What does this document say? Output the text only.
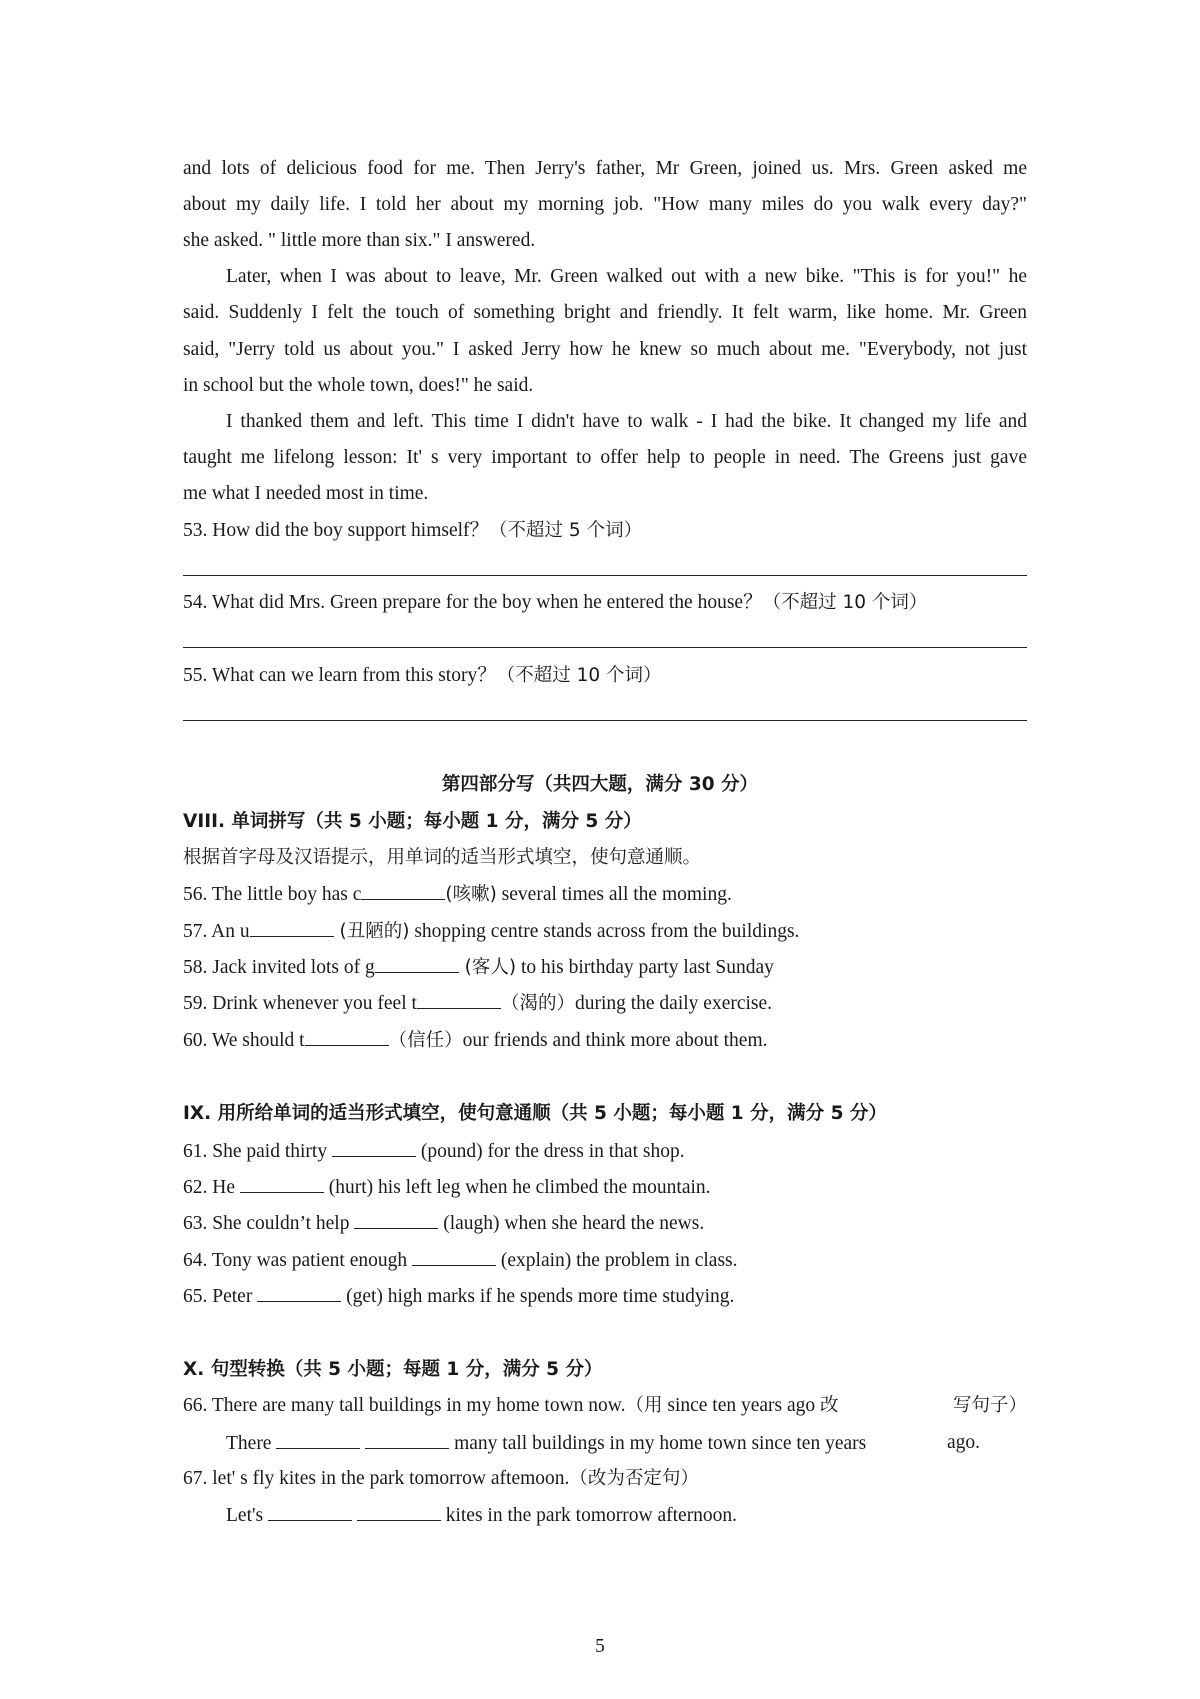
and lots of delicious food for me. Then Jerry's father, Mr Green, joined us. Mrs. Green asked me
about my daily life. I told her about my morning job. "How many miles do you walk every day?"
she asked. " little more than six." I answered.
Later, when I was about to leave, Mr. Green walked out with a new bike. "This is for you!" he
said. Suddenly I felt the touch of something bright and friendly. It felt warm, like home. Mr. Green
said, "Jerry told us about you." I asked Jerry how he knew so much about me. "Everybody, not just
in school but the whole town, does!" he said.
I thanked them and left. This time I didn't have to walk - I had the bike. It changed my life and
taught me lifelong lesson: It' s very important to offer help to people in need. The Greens just gave
me what I needed most in time.
53. How did the boy support himself？（不超过 5 个词）
54. What did Mrs. Green prepare for the boy when he entered the house？（不超过 10 个词）
55. What can we learn from this story？（不超过 10 个词）
第四部分写（共四大题，满分 30 分）
VIII. 单词拼写（共 5 小题；每小题 1 分，满分 5 分）
根据首字母及汉语提示，用单词的适当形式填空，使句意通顺。
56. The little boy has c	(咳嗽) several times all the moming.
57. An u	(丑陋的) shopping centre stands across from the buildings.
58. Jack invited lots of g	(客人) to his birthday party last Sunday
59. Drink whenever you feel t	（渴的）during the daily exercise.
60. We should t	（信任）our friends and think more about them.
IX. 用所给单词的适当形式填空，使句意通顺（共 5 小题；每小题 1 分，满分 5 分）
61. She paid thirty	(pound) for the dress in that shop.
62. He	(hurt) his left leg when he climbed the mountain.
63. She couldn’t help	(laugh) when she heard the news.
64. Tony was patient enough	(explain) the problem in class.
65. Peter	(get) high marks if he spends more time studying.
X. 句型转换（共 5 小题；每题 1 分，满分 5 分）
66. There are many tall buildings in my home town now.（用 since ten years ago 改	写句子）
There	many tall buildings in my home town since ten years	ago.
67. let' s fly kites in the park tomorrow aftemoon.（改为否定句）
Let's	kites in the park tomorrow afternoon.
5
